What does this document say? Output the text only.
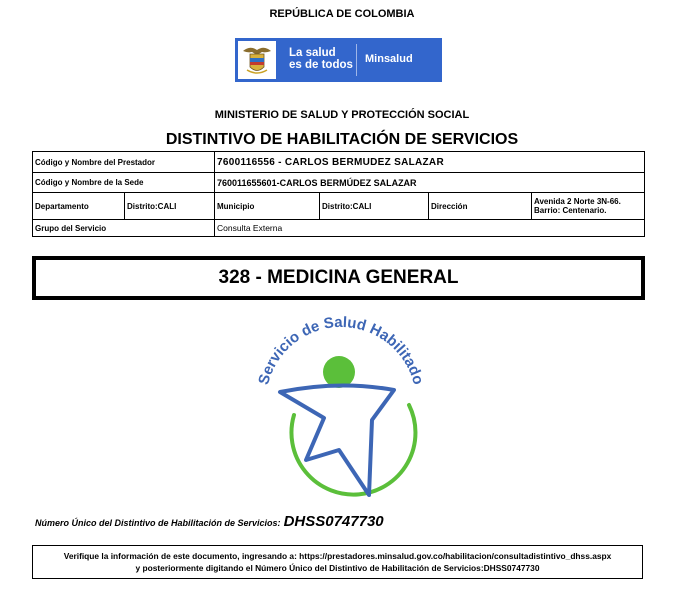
REPÚBLICA DE COLOMBIA
La salud
es de todos Minsalud
MINISTERIO DE SALUD Y PROTECCIÓN SOCIAL
DISTINTIVO DE HABILITACIÓN DE SERVICIOS
Código y Nombre del Prestador		7600116556 - CARLOS BERMUDEZ SALAZAR			
Código y Nombre de la Sede		760011655601-CARLOS BERMÚDEZ SALAZAR			
Departamento	Distrito:CALI	Municipio	Distrito:CALI	Dirección	Avenida 2 Norte 3N-66.
Barrio: Centenario.

Grupo del Servicio		Consulta Externa			
328 - MEDICINA GENERAL
Servicio de Salud Habilitado
Número Único del Distintivo de Habilitación de Servicios: DHSS0747730
Verifique la información de este documento, ingresando a: https://prestadores.minsalud.gov.co/habilitacion/consultadistintivo_dhss.aspx
y posteriormente digitando el Número Único del Distintivo de Habilitación de Servicios:DHSS0747730
